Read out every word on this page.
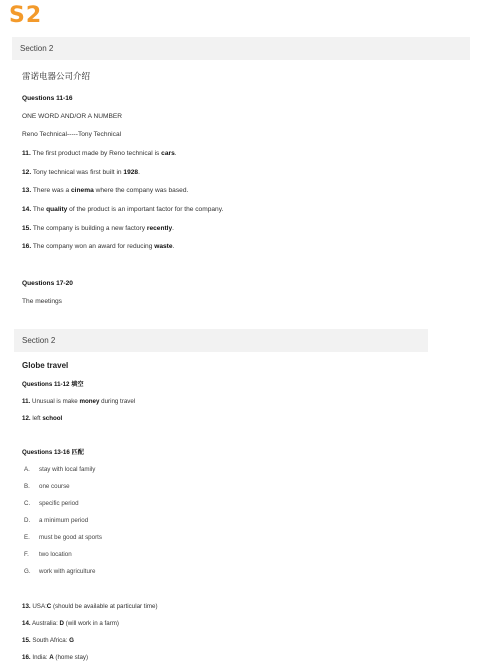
S2
Section 2
雷诺电器公司介绍
Questions 11-16
ONE WORD AND/OR A NUMBER
Reno Technical-----Tony Technical
11. The first product made by Reno technical is cars.
12. Tony technical was first built in 1928.
13. There was a cinema where the company was based.
14. The quality of the product is an important factor for the company.
15. The company is building a new factory recently.
16. The company won an award for reducing waste.
Questions 17-20
The meetings
Section 2
Globe travel
Questions 11-12 填空
11. Unusual is make money during travel
12. left school
Questions 13-16 匹配
A. stay with local family
B. one course
C. specific period
D. a minimum period
E. must be good at sports
F. two location
G. work with agriculture
13. USA:C (should be available at particular time)
14. Australia: D (will work in a farm)
15. South Africa: G
16. India: A (home stay)
